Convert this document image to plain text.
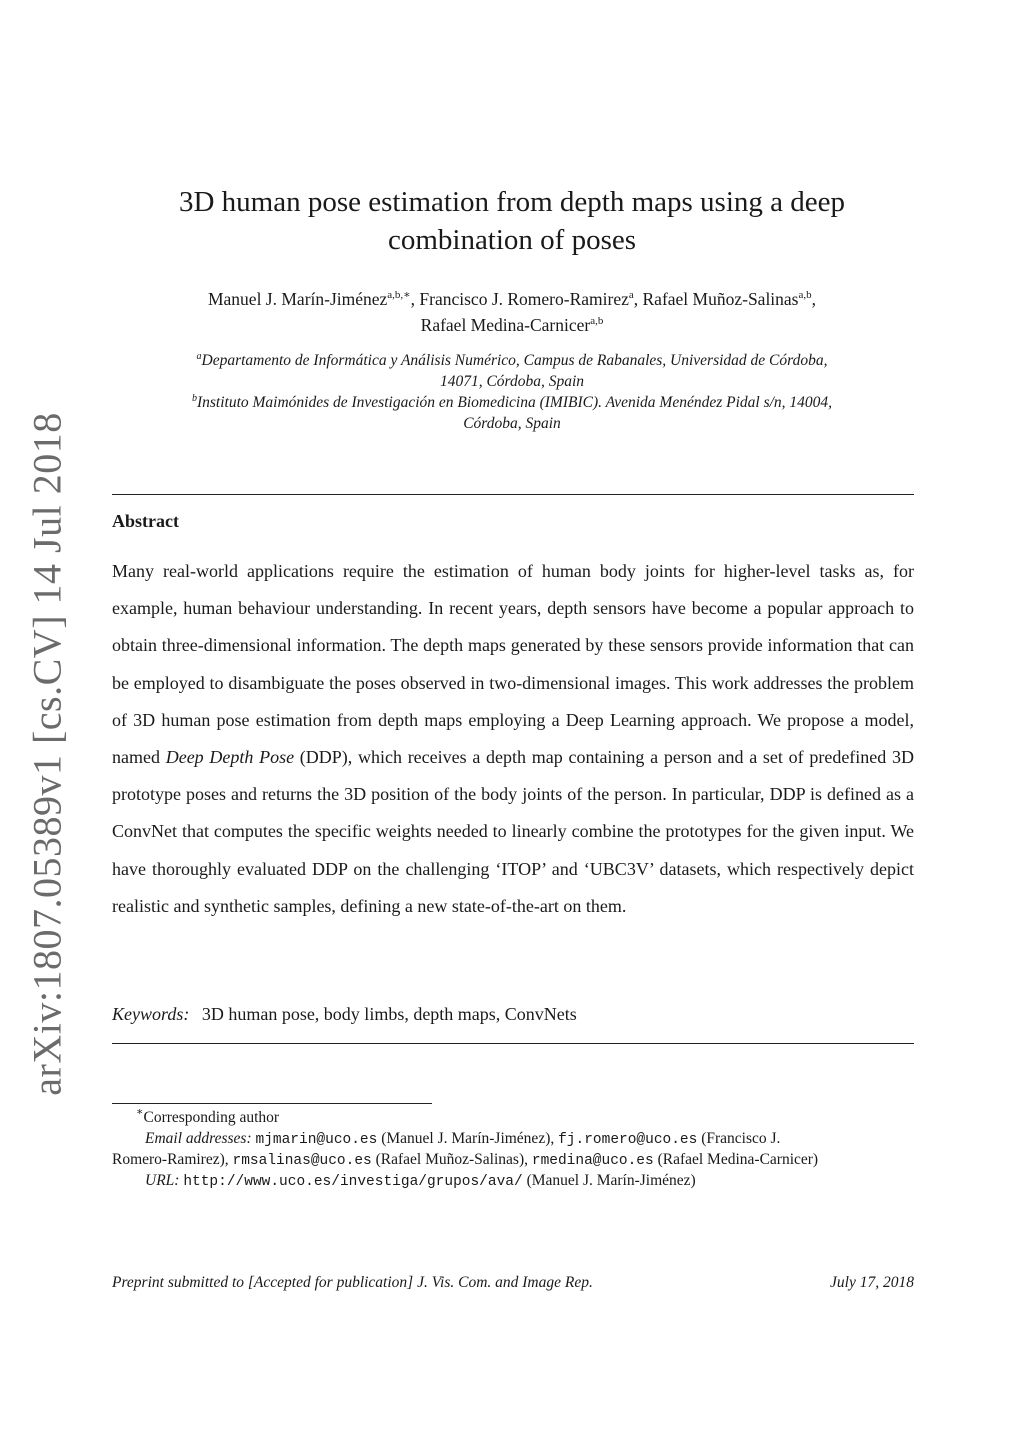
arXiv:1807.05389v1 [cs.CV] 14 Jul 2018
3D human pose estimation from depth maps using a deep
combination of poses
Manuel J. Marín-Jiménez$^{a,b,∗}$, Francisco J. Romero-Ramirez$^a$, Rafael Muñoz-Salinas$^{a,b}$,
Rafael Medina-Carnicer$^{a,b}$
$^a$Departamento de Informática y Análisis Numérico, Campus de Rabanales, Universidad de Córdoba,
14071, Córdoba, Spain
$^b$Instituto Maimónides de Investigación en Biomedicina (IMIBIC). Avenida Menéndez Pidal s/n, 14004,
Córdoba, Spain
Abstract
Many real-world applications require the estimation of human body joints for higher-level tasks as, for example, human behaviour understanding. In recent years, depth sensors have become a popular approach to obtain three-dimensional information. The depth maps generated by these sensors provide information that can be employed to disambiguate the poses observed in two-dimensional images. This work addresses the problem of 3D human pose estimation from depth maps employing a Deep Learning approach. We propose a model, named Deep Depth Pose (DDP), which receives a depth map containing a person and a set of predefined 3D prototype poses and returns the 3D position of the body joints of the person. In particular, DDP is defined as a ConvNet that computes the specific weights needed to linearly combine the prototypes for the given input. We have thoroughly evaluated DDP on the challenging ‘ITOP’ and ‘UBC3V’ datasets, which respectively depict realistic and synthetic samples, defining a new state-of-the-art on them.
Keywords: 3D human pose, body limbs, depth maps, ConvNets
∗Corresponding author
Email addresses: mjmarin@uco.es (Manuel J. Marín-Jiménez), fj.romero@uco.es (Francisco J.
Romero-Ramirez), rmsalinas@uco.es (Rafael Muñoz-Salinas), rmedina@uco.es (Rafael Medina-Carnicer)
URL: http://www.uco.es/investiga/grupos/ava/ (Manuel J. Marín-Jiménez)
Preprint submitted to [Accepted for publication] J. Vis. Com. and Image Rep.	July 17, 2018
